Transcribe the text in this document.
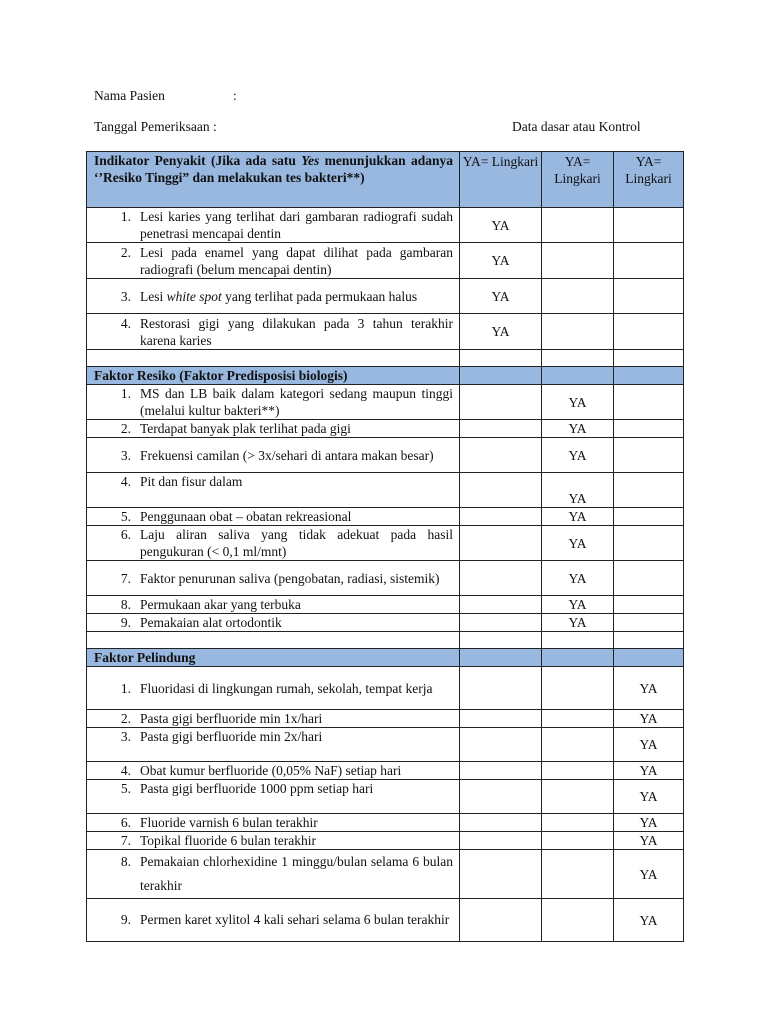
Nama Pasien	:
Tanggal Pemeriksaan :	Data dasar atau Kontrol
Indikator Penyakit (Jika ada satu Yes menunjukkan adanya ‘’Resiko Tinggi” dan melakukan tes bakteri**)	YA= Lingkari	YA= Lingkari	YA= Lingkari

1. Lesi karies yang terlihat dari gambaran radiografi sudah penetrasi mencapai dentin	YA		

2. Lesi pada enamel yang dapat dilihat pada gambaran radiografi (belum mencapai dentin)	YA		

3. Lesi white spot yang terlihat pada permukaan halus	YA		

4. Restorasi gigi yang dilakukan pada 3 tahun terakhir karena karies	YA		

Faktor Resiko (Faktor Predisposisi biologis)			

1. MS dan LB baik dalam kategori sedang maupun tinggi (melalui kultur bakteri**)		YA	

2. Terdapat banyak plak terlihat pada gigi		YA	

3. Frekuensi camilan (> 3x/sehari di antara makan besar)		YA	

4. Pit dan fisur dalam		YA	

5. Penggunaan obat – obatan rekreasional		YA	

6. Laju aliran saliva yang tidak adekuat pada hasil pengukuran (< 0,1 ml/mnt)		YA	

7. Faktor penurunan saliva (pengobatan, radiasi, sistemik)		YA	

8. Permukaan akar yang terbuka		YA	

9. Pemakaian alat ortodontik		YA	

Faktor Pelindung			

1. Fluoridasi di lingkungan rumah, sekolah, tempat kerja			YA

2. Pasta gigi berfluoride min 1x/hari			YA

3. Pasta gigi berfluoride min 2x/hari			YA

4. Obat kumur berfluoride (0,05% NaF) setiap hari			YA

5. Pasta gigi berfluoride 1000 ppm setiap hari			YA

6. Fluoride varnish 6 bulan terakhir			YA

7. Topikal fluoride 6 bulan terakhir			YA

8. Pemakaian chlorhexidine 1 minggu/bulan selama 6 bulan terakhir			YA

9. Permen karet xylitol 4 kali sehari selama 6 bulan terakhir			YA
